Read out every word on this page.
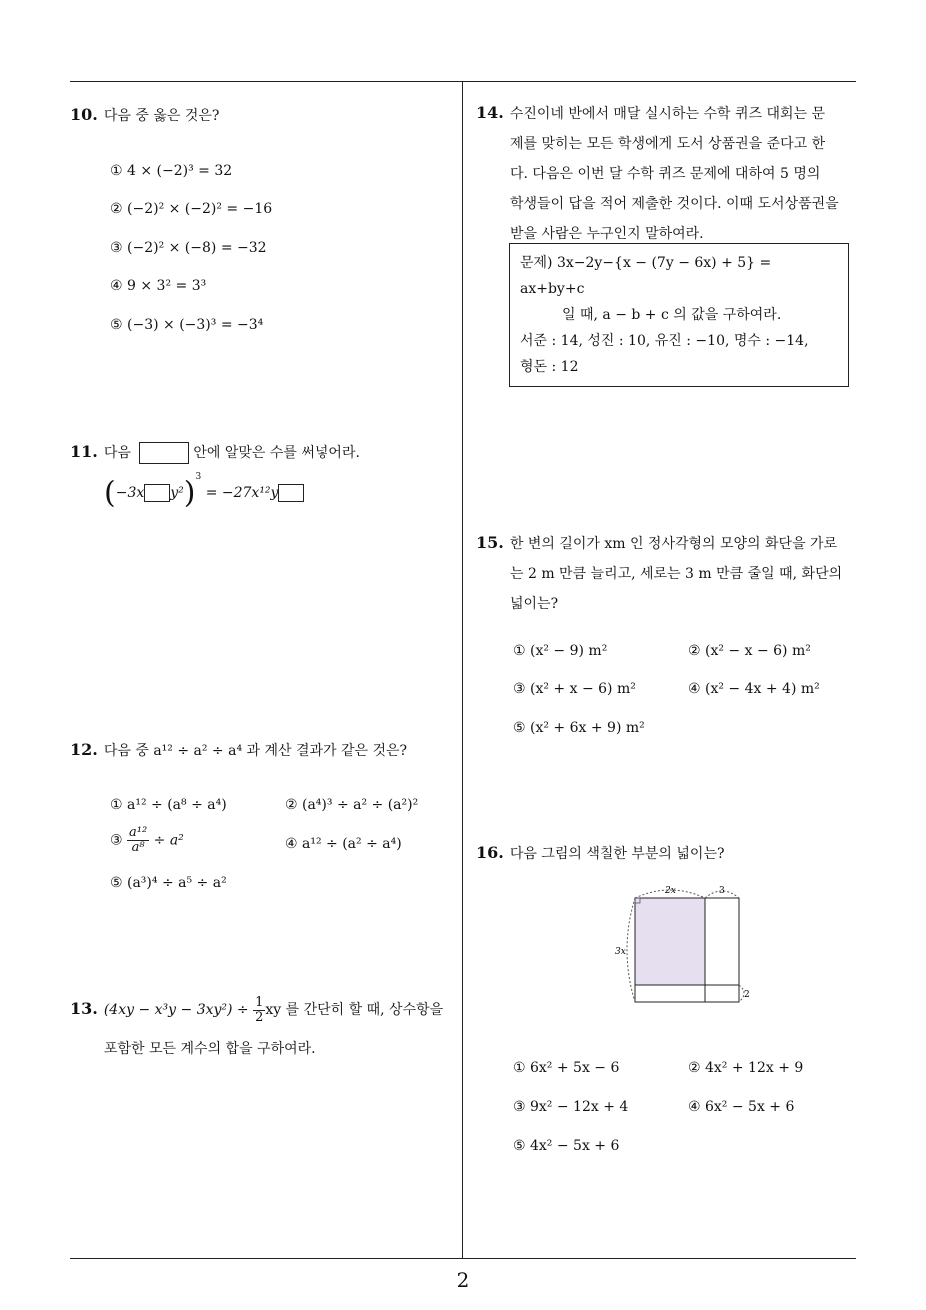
10. 다음 중 옳은 것은?
① 4 × (−2)³ = 32
② (−2)² × (−2)² = −16
③ (−2)² × (−8) = −32
④ 9 × 3² = 3³
⑤ (−3) × (−3)³ = −3⁴
11. 다음	안에 알맞은 수를 써넣어라.
(−3x y²)$^3$ = −27x¹²y
12. 다음 중 a¹² ÷ a² ÷ a⁴ 과 계산 결과가 같은 것은?
① a¹² ÷ (a⁸ ÷ a⁴)	② (a⁴)³ ÷ a² ÷ (a²)²
③ $\frac{\text{a¹²}}{\text{a⁸}} \div a^2$	④ a¹² ÷ (a² ÷ a⁴)
⑤ (a³)⁴ ÷ a⁵ ÷ a²
13. $(4xy - x^3y - 3xy^2) \div \frac{1}{2}$ xy 를 간단히 할 때, 상수항을
포함한 모든 계수의 합을 구하여라.
14. 수진이네 반에서 매달 실시하는 수학 퀴즈 대회는 문
제를 맞히는 모든 학생에게 도서 상품권을 준다고 한
다. 다음은 이번 달 수학 퀴즈 문제에 대하여 5 명의
학생들이 답을 적어 제출한 것이다. 이때 도서상품권을
받을 사람은 누구인지 말하여라.
문제) 3x−2y−{x − (7y − 6x) + 5} = ax+by+c
일 때, a − b + c 의 값을 구하여라.
서준 : 14, 성진 : 10, 유진 : −10, 명수 : −14,
형돈 : 12
15. 한 변의 길이가 xm 인 정사각형의 모양의 화단을 가로
는 2 m 만큼 늘리고, 세로는 3 m 만큼 줄일 때, 화단의
넓이는?
① (x² − 9) m²	② (x² − x − 6) m²
③ (x² + x − 6) m²	④ (x² − 4x + 4) m²
⑤ (x² + 6x + 9) m²
16. 다음 그림의 색칠한 부분의 넓이는?
2x	3
3x
2
① 6x² + 5x − 6	② 4x² + 12x + 9
③ 9x² − 12x + 4	④ 6x² − 5x + 6
⑤ 4x² − 5x + 6
2
